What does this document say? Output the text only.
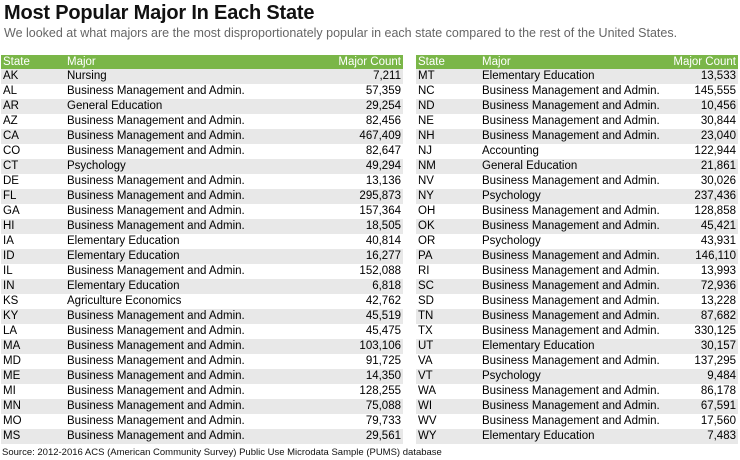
Most Popular Major In Each State
We looked at what majors are the most disproportionately popular in each state compared to the rest of the United States.
State	Major	Major Count
AK	Nursing	7,211
AL	Business Management and Admin.	57,359
AR	General Education	29,254
AZ	Business Management and Admin.	82,456
CA	Business Management and Admin.	467,409
CO	Business Management and Admin.	82,647
CT	Psychology	49,294
DE	Business Management and Admin.	13,136
FL	Business Management and Admin.	295,873
GA	Business Management and Admin.	157,364
HI	Business Management and Admin.	18,505
IA	Elementary Education	40,814
ID	Elementary Education	16,277
IL	Business Management and Admin.	152,088
IN	Elementary Education	6,818
KS	Agriculture Economics	42,762
KY	Business Management and Admin.	45,519
LA	Business Management and Admin.	45,475
MA	Business Management and Admin.	103,106
MD	Business Management and Admin.	91,725
ME	Business Management and Admin.	14,350
MI	Business Management and Admin.	128,255
MN	Business Management and Admin.	75,088
MO	Business Management and Admin.	79,733
MS	Business Management and Admin.	29,561
State	Major	Major Count
MT	Elementary Education	13,533
NC	Business Management and Admin.	145,555
ND	Business Management and Admin.	10,456
NE	Business Management and Admin.	30,844
NH	Business Management and Admin.	23,040
NJ	Accounting	122,944
NM	General Education	21,861
NV	Business Management and Admin.	30,026
NY	Psychology	237,436
OH	Business Management and Admin.	128,858
OK	Business Management and Admin.	45,421
OR	Psychology	43,931
PA	Business Management and Admin.	146,110
RI	Business Management and Admin.	13,993
SC	Business Management and Admin.	72,936
SD	Business Management and Admin.	13,228
TN	Business Management and Admin.	87,682
TX	Business Management and Admin.	330,125
UT	Elementary Education	30,157
VA	Business Management and Admin.	137,295
VT	Psychology	9,484
WA	Business Management and Admin.	86,178
WI	Business Management and Admin.	67,591
WV	Business Management and Admin.	17,560
WY	Elementary Education	7,483
Source: 2012-2016 ACS (American Community Survey) Public Use Microdata Sample (PUMS) database
